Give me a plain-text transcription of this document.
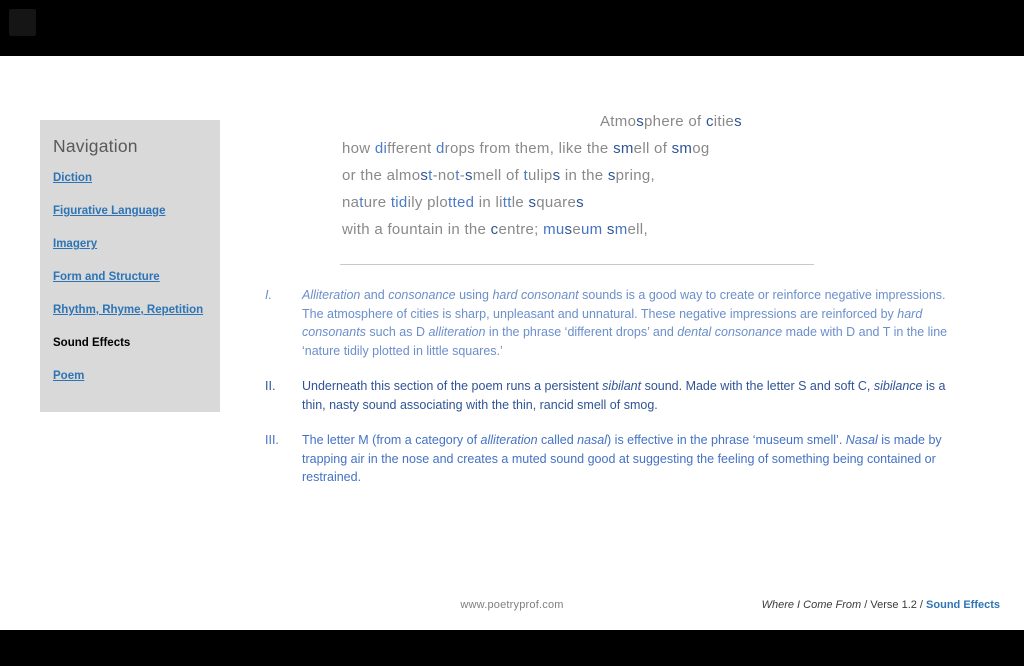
Navigation
Diction
Figurative Language
Imagery
Form and Structure
Rhythm, Rhyme, Repetition
Sound Effects
Poem
Atmosphere of cities
how different drops from them, like the smell of smog
or the almost-not-smell of tulips in the spring,
nature tidily plotted in little squares
with a fountain in the centre; museum smell,
I.	Alliteration and consonance using hard consonant sounds is a good way to create or reinforce negative impressions. The atmosphere of cities is sharp, unpleasant and unnatural. These negative impressions are reinforced by hard consonants such as D alliteration in the phrase ‘different drops’ and dental consonance made with D and T in the line ‘nature tidily plotted in little squares.’
II.	Underneath this section of the poem runs a persistent sibilant sound. Made with the letter S and soft C, sibilance is a thin, nasty sound associating with the thin, rancid smell of smog.
III.	The letter M (from a category of alliteration called nasal) is effective in the phrase ‘museum smell’. Nasal is made by trapping air in the nose and creates a muted sound good at suggesting the feeling of something being contained or restrained.
www.poetryprof.com	Where I Come From / Verse 1.2 / Sound Effects
